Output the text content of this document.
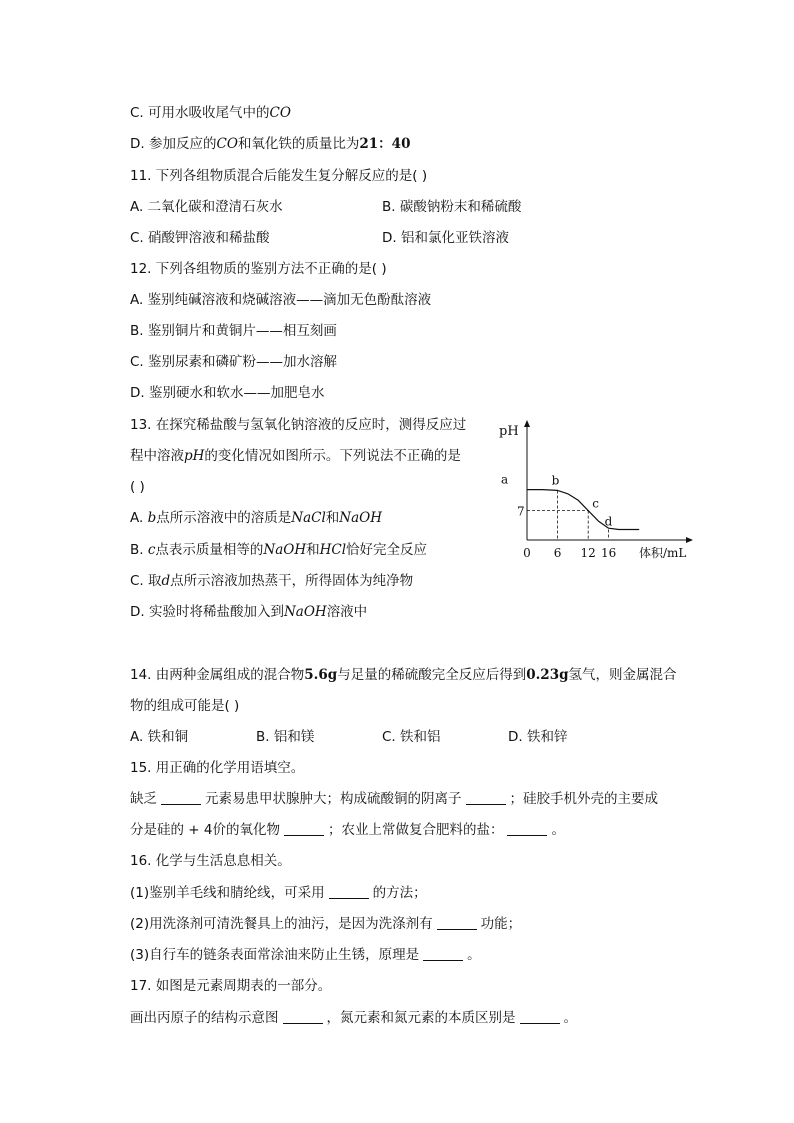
C. 可用水吸收尾气中的CO
D. 参加反应的CO和氧化铁的质量比为21：40
11. 下列各组物质混合后能发生复分解反应的是( )
A. 二氧化碳和澄清石灰水	B. 碳酸钠粉末和稀硫酸
C. 硝酸钾溶液和稀盐酸	D. 铝和氯化亚铁溶液
12. 下列各组物质的鉴别方法不正确的是( )
A. 鉴别纯碱溶液和烧碱溶液——滴加无色酚酞溶液
B. 鉴别铜片和黄铜片——相互刻画
C. 鉴别尿素和磷矿粉——加水溶解
D. 鉴别硬水和软水——加肥皂水
13. 在探究稀盐酸与氢氧化钠溶液的反应时，测得反应过
程中溶液pH的变化情况如图所示。下列说法不正确的是
( )
A. b点所示溶液中的溶质是NaCl和NaOH
B. c点表示质量相等的NaOH和HCl恰好完全反应
C. 取d点所示溶液加热蒸干，所得固体为纯净物
D. 实验时将稀盐酸加入到NaOH溶液中
pH
体积/mL
7
a	b
c
d
0 6 12 16
14. 由两种金属组成的混合物5.6g与足量的稀硫酸完全反应后得到0.23g氢气，则金属混合
物的组成可能是( )
A. 铁和铜	B. 铝和镁	C. 铁和铝	D. 铁和锌
15. 用正确的化学用语填空。
缺乏	元素易患甲状腺肿大；构成硫酸铜的阴离子	；硅胶手机外壳的主要成
分是硅的 + 4价的氧化物	；农业上常做复合肥料的盐：	。
16. 化学与生活息息相关。
(1)鉴别羊毛线和腈纶线，可采用	的方法；
(2)用洗涤剂可清洗餐具上的油污，是因为洗涤剂有	功能；
(3)自行车的链条表面常涂油来防止生锈，原理是	。
17. 如图是元素周期表的一部分。
画出丙原子的结构示意图	，氮元素和氮元素的本质区别是	。
